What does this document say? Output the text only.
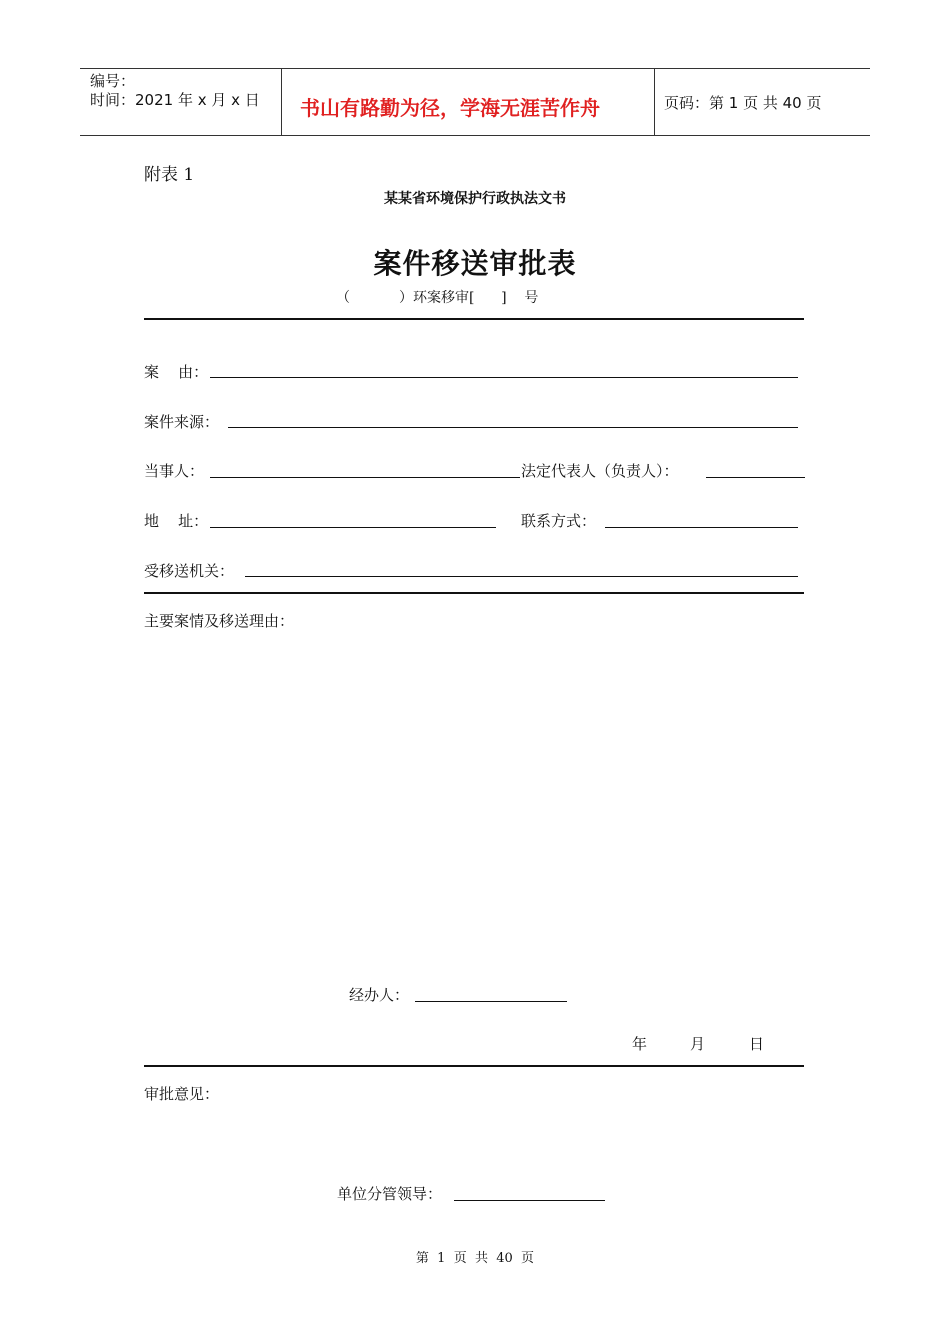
编号：
时间：2021 年 x 月 x 日 书山有路勤为径，学海无涯苦作舟	页码：第 1 页 共 40 页
附表 1
某某省环境保护行政执法文书
案件移送审批表
（           ）环案移审[      ]    号
案    由：
案件来源：
当事人：	法定代表人（负责人）：
地    址：	联系方式：
受移送机关：
主要案情及移送理由：
经办人：
年	月	日
审批意见：
单位分管领导：
第  1  页  共  40  页
